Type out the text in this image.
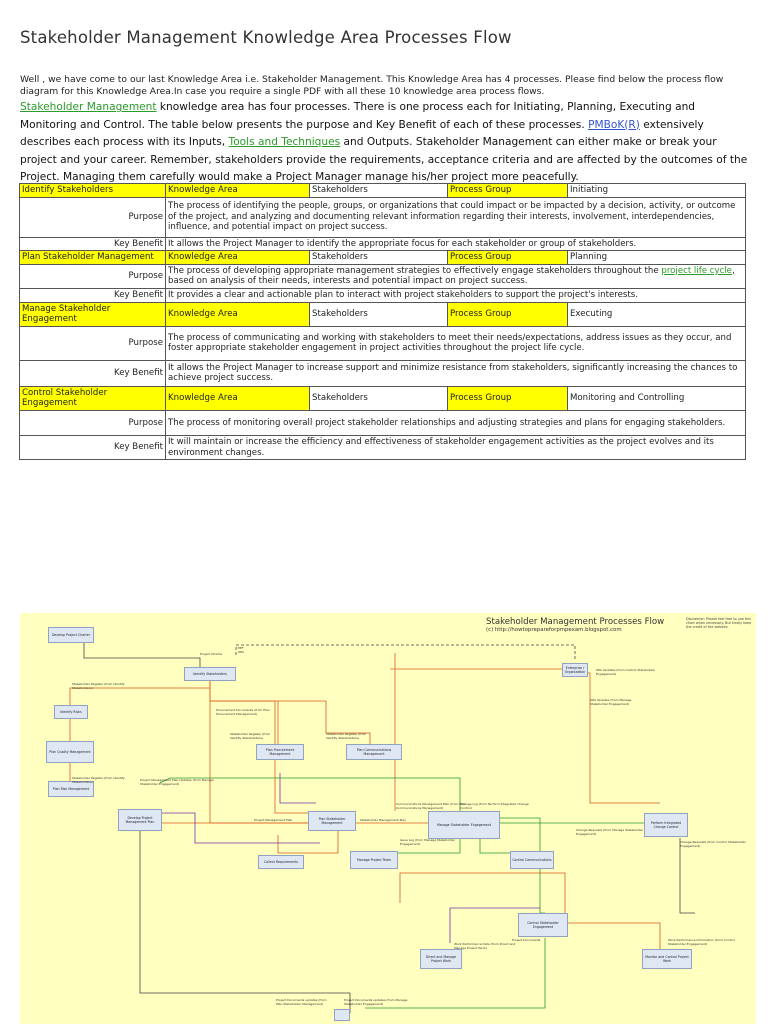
Stakeholder Management Knowledge Area Processes Flow
Well , we have come to our last Knowledge Area i.e. Stakeholder Management. This Knowledge Area has 4 processes. Please find below the process flow diagram for this Knowledge Area.In case you require a single PDF with all these 10 knowledge area process flows.
Stakeholder Management knowledge area has four processes. There is one process each for Initiating, Planning, Executing and Monitoring and Control. The table below presents the purpose and Key Benefit of each of these processes. PMBoK(R) extensively describes each process with its Inputs, Tools and Techniques and Outputs. Stakeholder Management can either make or break your project and your career. Remember, stakeholders provide the requirements, acceptance criteria and are affected by the outcomes of the Project. Managing them carefully would make a Project Manager manage his/her project more peacefully.
Identify Stakeholders	Knowledge Area	Stakeholders	Process Group	Initiating
Purpose	The process of identifying the people, groups, or organizations that could impact or be impacted by a decision, activity, or outcome of the project, and analyzing and documenting relevant information regarding their interests, involvement, interdependencies, influence, and potential impact on project success.			
Key Benefit	It allows the Project Manager to identify the appropriate focus for each stakeholder or group of stakeholders.			
Plan Stakeholder Management	Knowledge Area	Stakeholders	Process Group	Planning
Purpose	The process of developing appropriate management strategies to effectively engage stakeholders throughout the project life cycle, based on analysis of their needs, interests and potential impact on project success.			
Key Benefit	It provides a clear and actionable plan to interact with project stakeholders to support the project's interests.			
Manage Stakeholder Engagement	Knowledge Area	Stakeholders	Process Group	Executing
Purpose	The process of communicating and working with stakeholders to meet their needs/expectations, address issues as they occur, and foster appropriate stakeholder engagement in project activities throughout the project life cycle.			
Key Benefit	It allows the Project Manager to increase support and minimize resistance from stakeholders, significantly increasing the chances to achieve project success.			
Control Stakeholder Engagement	Knowledge Area	Stakeholders	Process Group	Monitoring and Controlling
Purpose	The process of monitoring overall project stakeholder relationships and adjusting strategies and plans for engaging stakeholders.			
Key Benefit	It will maintain or increase the efficiency and effectiveness of stakeholder engagement activities as the project evolves and its environment changes.			
Stakeholder Management Processes Flow
(c) http://howtoprepareforpmpexam.blogspot.com
Disclaimer: Please feel free to use this chart when necessary. But kindly keep the credit of the website.
Develop Project Charter
Identify Stakeholders
Identify Risks
Plan Quality Management
Plan Risk Management
Plan Procurement Management
Plan Communications Management
Develop Project Management Plan
Plan Stakeholder Management	Manage Stakeholder Engagement	Perform Integrated Change Control
Collect Requirements	Manage Project Team	Control Communications
Control Stakeholder Engagement
Direct and Manage Project Work
Monitor and Control Project Work
Enterprise / Organization
Project Charter
EEF OPA
Stakeholder Register (from Identify Stakeholders)
Procurement Documents (from Plan Procurement Management)
Stakeholder Register (from Identify Stakeholders)
Stakeholder Register (from Identify Stakeholders)
Stakeholder Register (from Identify Stakeholders)	Project Management Plan Updates (from Manage Stakeholder Engagement)
Project Management Plan	Stakeholder Management Plan
Communications Management Plan (from Plan Communications Management)
Change Log (from Perform Integrated Change Control)
OPA Updates (from Control Stakeholder Engagement)
OPA Updates (from Manage Stakeholder Engagement)
Change Requests (from Manage Stakeholder Engagement)
Change Requests (from Control Stakeholder Engagement)
Issue Log (from Manage Stakeholder Engagement)
Work Performance Data (from Direct and Manage Project Work)
Project Documents	Work Performance Information (from Control Stakeholder Engagement)
Project Documents updates (from Plan Stakeholder Management)
Project Documents updates (from Manage Stakeholder Engagement)
